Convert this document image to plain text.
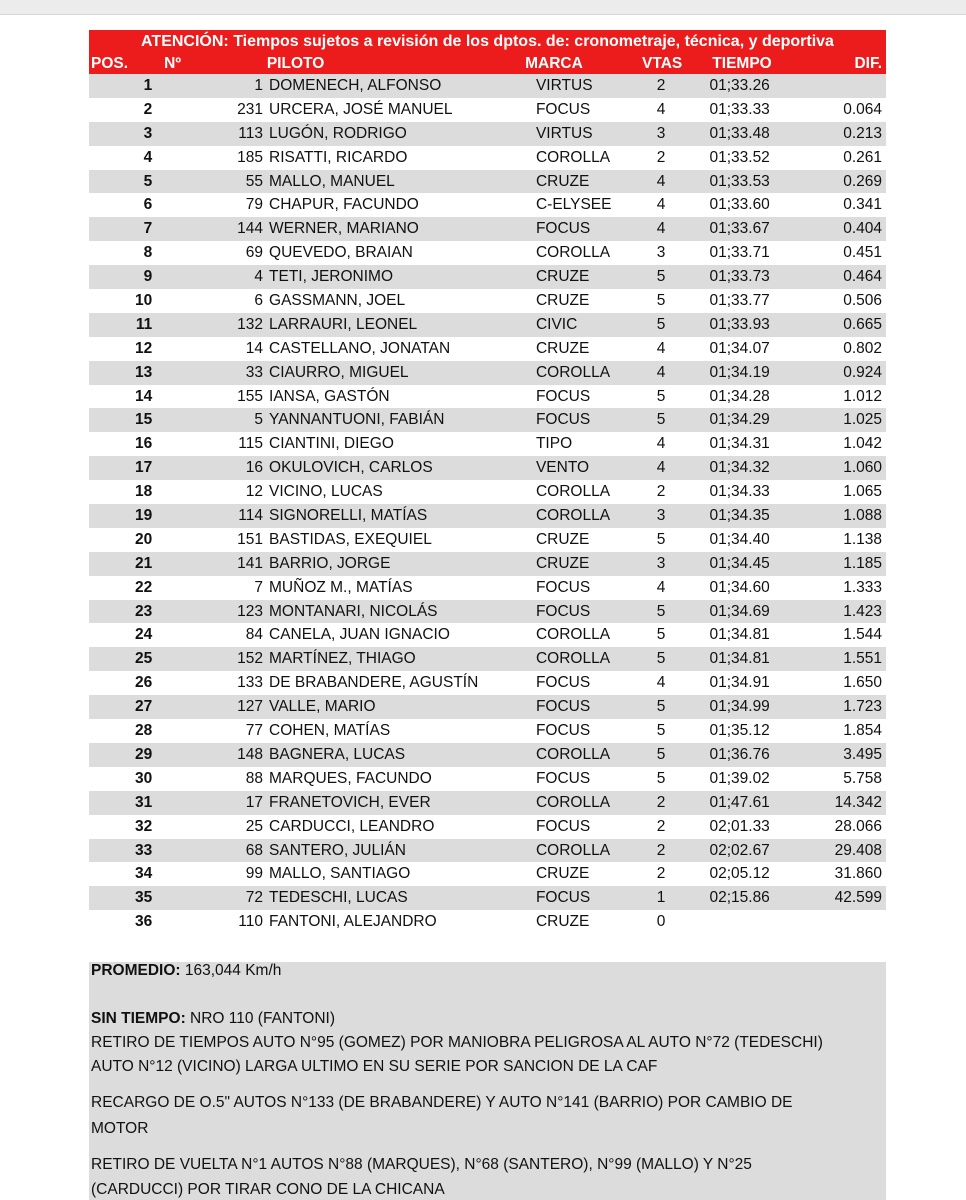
ATENCIÓN: Tiempos sujetos a revisión de los dptos. de: cronometraje, técnica, y deportiva
POS.	Nº	PILOTO	MARCA	VTAS	TIEMPO	DIF.
1	1 DOMENECH, ALFONSO	VIRTUS	2	01;33.26
2	231 URCERA, JOSÉ MANUEL	FOCUS	4	01;33.33	0.064
3	113 LUGÓN, RODRIGO	VIRTUS	3	01;33.48	0.213
4	185 RISATTI, RICARDO	COROLLA	2	01;33.52	0.261
5	55 MALLO, MANUEL	CRUZE	4	01;33.53	0.269
6	79 CHAPUR, FACUNDO	C-ELYSEE	4	01;33.60	0.341
7	144 WERNER, MARIANO	FOCUS	4	01;33.67	0.404
8	69 QUEVEDO, BRAIAN	COROLLA	3	01;33.71	0.451
9	4 TETI, JERONIMO	CRUZE	5	01;33.73	0.464
10	6 GASSMANN, JOEL	CRUZE	5	01;33.77	0.506
11	132 LARRAURI, LEONEL	CIVIC	5	01;33.93	0.665
12	14 CASTELLANO, JONATAN	CRUZE	4	01;34.07	0.802
13	33 CIAURRO, MIGUEL	COROLLA	4	01;34.19	0.924
14	155 IANSA, GASTÓN	FOCUS	5	01;34.28	1.012
15	5 YANNANTUONI, FABIÁN	FOCUS	5	01;34.29	1.025
16	115 CIANTINI, DIEGO	TIPO	4	01;34.31	1.042
17	16 OKULOVICH, CARLOS	VENTO	4	01;34.32	1.060
18	12 VICINO, LUCAS	COROLLA	2	01;34.33	1.065
19	114 SIGNORELLI, MATÍAS	COROLLA	3	01;34.35	1.088
20	151 BASTIDAS, EXEQUIEL	CRUZE	5	01;34.40	1.138
21	141 BARRIO, JORGE	CRUZE	3	01;34.45	1.185
22	7 MUÑOZ M., MATÍAS	FOCUS	4	01;34.60	1.333
23	123 MONTANARI, NICOLÁS	FOCUS	5	01;34.69	1.423
24	84 CANELA, JUAN IGNACIO	COROLLA	5	01;34.81	1.544
25	152 MARTÍNEZ, THIAGO	COROLLA	5	01;34.81	1.551
26	133 DE BRABANDERE, AGUSTÍN	FOCUS	4	01;34.91	1.650
27	127 VALLE, MARIO	FOCUS	5	01;34.99	1.723
28	77 COHEN, MATÍAS	FOCUS	5	01;35.12	1.854
29	148 BAGNERA, LUCAS	COROLLA	5	01;36.76	3.495
30	88 MARQUES, FACUNDO	FOCUS	5	01;39.02	5.758
31	17 FRANETOVICH, EVER	COROLLA	2	01;47.61	14.342
32	25 CARDUCCI, LEANDRO	FOCUS	2	02;01.33	28.066
33	68 SANTERO, JULIÁN	COROLLA	2	02;02.67	29.408
34	99 MALLO, SANTIAGO	CRUZE	2	02;05.12	31.860
35	72 TEDESCHI, LUCAS	FOCUS	1	02;15.86	42.599
36	110 FANTONI, ALEJANDRO	CRUZE	0
PROMEDIO: 163,044 Km/h
SIN TIEMPO: NRO 110 (FANTONI)
RETIRO DE TIEMPOS AUTO N°95 (GOMEZ) POR MANIOBRA PELIGROSA AL AUTO N°72 (TEDESCHI)
AUTO N°12 (VICINO) LARGA ULTIMO EN SU SERIE POR SANCION DE LA CAF
RECARGO DE O.5" AUTOS N°133 (DE BRABANDERE) Y AUTO N°141 (BARRIO) POR CAMBIO DE
MOTOR
RETIRO DE VUELTA N°1 AUTOS N°88 (MARQUES), N°68 (SANTERO), N°99 (MALLO) Y N°25
(CARDUCCI) POR TIRAR CONO DE LA CHICANA
